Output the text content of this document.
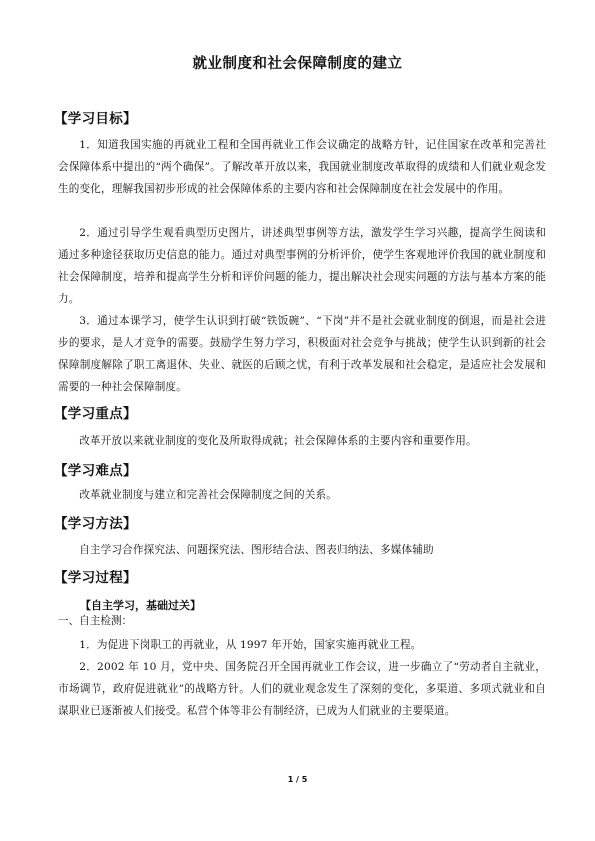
就业制度和社会保障制度的建立
【学习目标】
1．知道我国实施的再就业工程和全国再就业工作会议确定的战略方针，记住国家在改革和完善社会保障体系中提出的“两个确保”。了解改革开放以来，我国就业制度改革取得的成绩和人们就业观念发生的变化，理解我国初步形成的社会保障体系的主要内容和社会保障制度在社会发展中的作用。
2．通过引导学生观看典型历史图片，讲述典型事例等方法，激发学生学习兴趣，提高学生阅读和通过多种途径获取历史信息的能力。通过对典型事例的分析评价，使学生客观地评价我国的就业制度和社会保障制度，培养和提高学生分析和评价问题的能力，提出解决社会现实问题的方法与基本方案的能力。
3．通过本课学习，使学生认识到打破“铁饭碗”、“下岗”并不是社会就业制度的倒退，而是社会进步的要求，是人才竞争的需要。鼓励学生努力学习，积极面对社会竞争与挑战；使学生认识到新的社会保障制度解除了职工离退休、失业、就医的后顾之忧，有利于改革发展和社会稳定，是适应社会发展和需要的一种社会保障制度。
【学习重点】
改革开放以来就业制度的变化及所取得成就；社会保障体系的主要内容和重要作用。
【学习难点】
改革就业制度与建立和完善社会保障制度之间的关系。
【学习方法】
自主学习合作探究法、问题探究法、图形结合法、图表归纳法、多媒体辅助
【学习过程】
【自主学习，基础过关】
一、自主检测：
1．为促进下岗职工的再就业，从 1997 年开始，国家实施再就业工程。
2．2002 年 10 月，党中央、国务院召开全国再就业工作会议，进一步确立了“劳动者自主就业，市场调节，政府促进就业”的战略方针。人们的就业观念发生了深刻的变化，多渠道、多项式就业和自谋职业已逐渐被人们接受。私营个体等非公有制经济，已成为人们就业的主要渠道。
1 / 5
